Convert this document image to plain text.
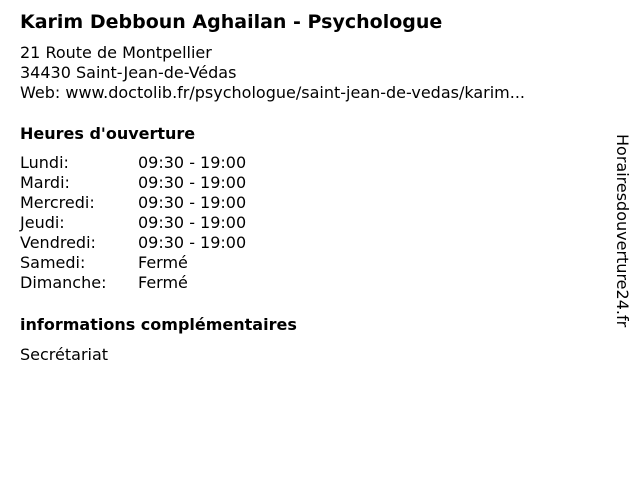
Karim Debboun Aghailan - Psychologue
21 Route de Montpellier
34430 Saint-Jean-de-Védas
Web: www.doctolib.fr/psychologue/saint-jean-de-vedas/karim...
Heures d'ouverture
Lundi:	09:30 - 19:00
Mardi:	09:30 - 19:00
Mercredi:	09:30 - 19:00
Jeudi:	09:30 - 19:00
Vendredi:	09:30 - 19:00
Samedi:	Fermé
Dimanche: Fermé
informations complémentaires
Secrétariat
Horairesdouverture24.fr
